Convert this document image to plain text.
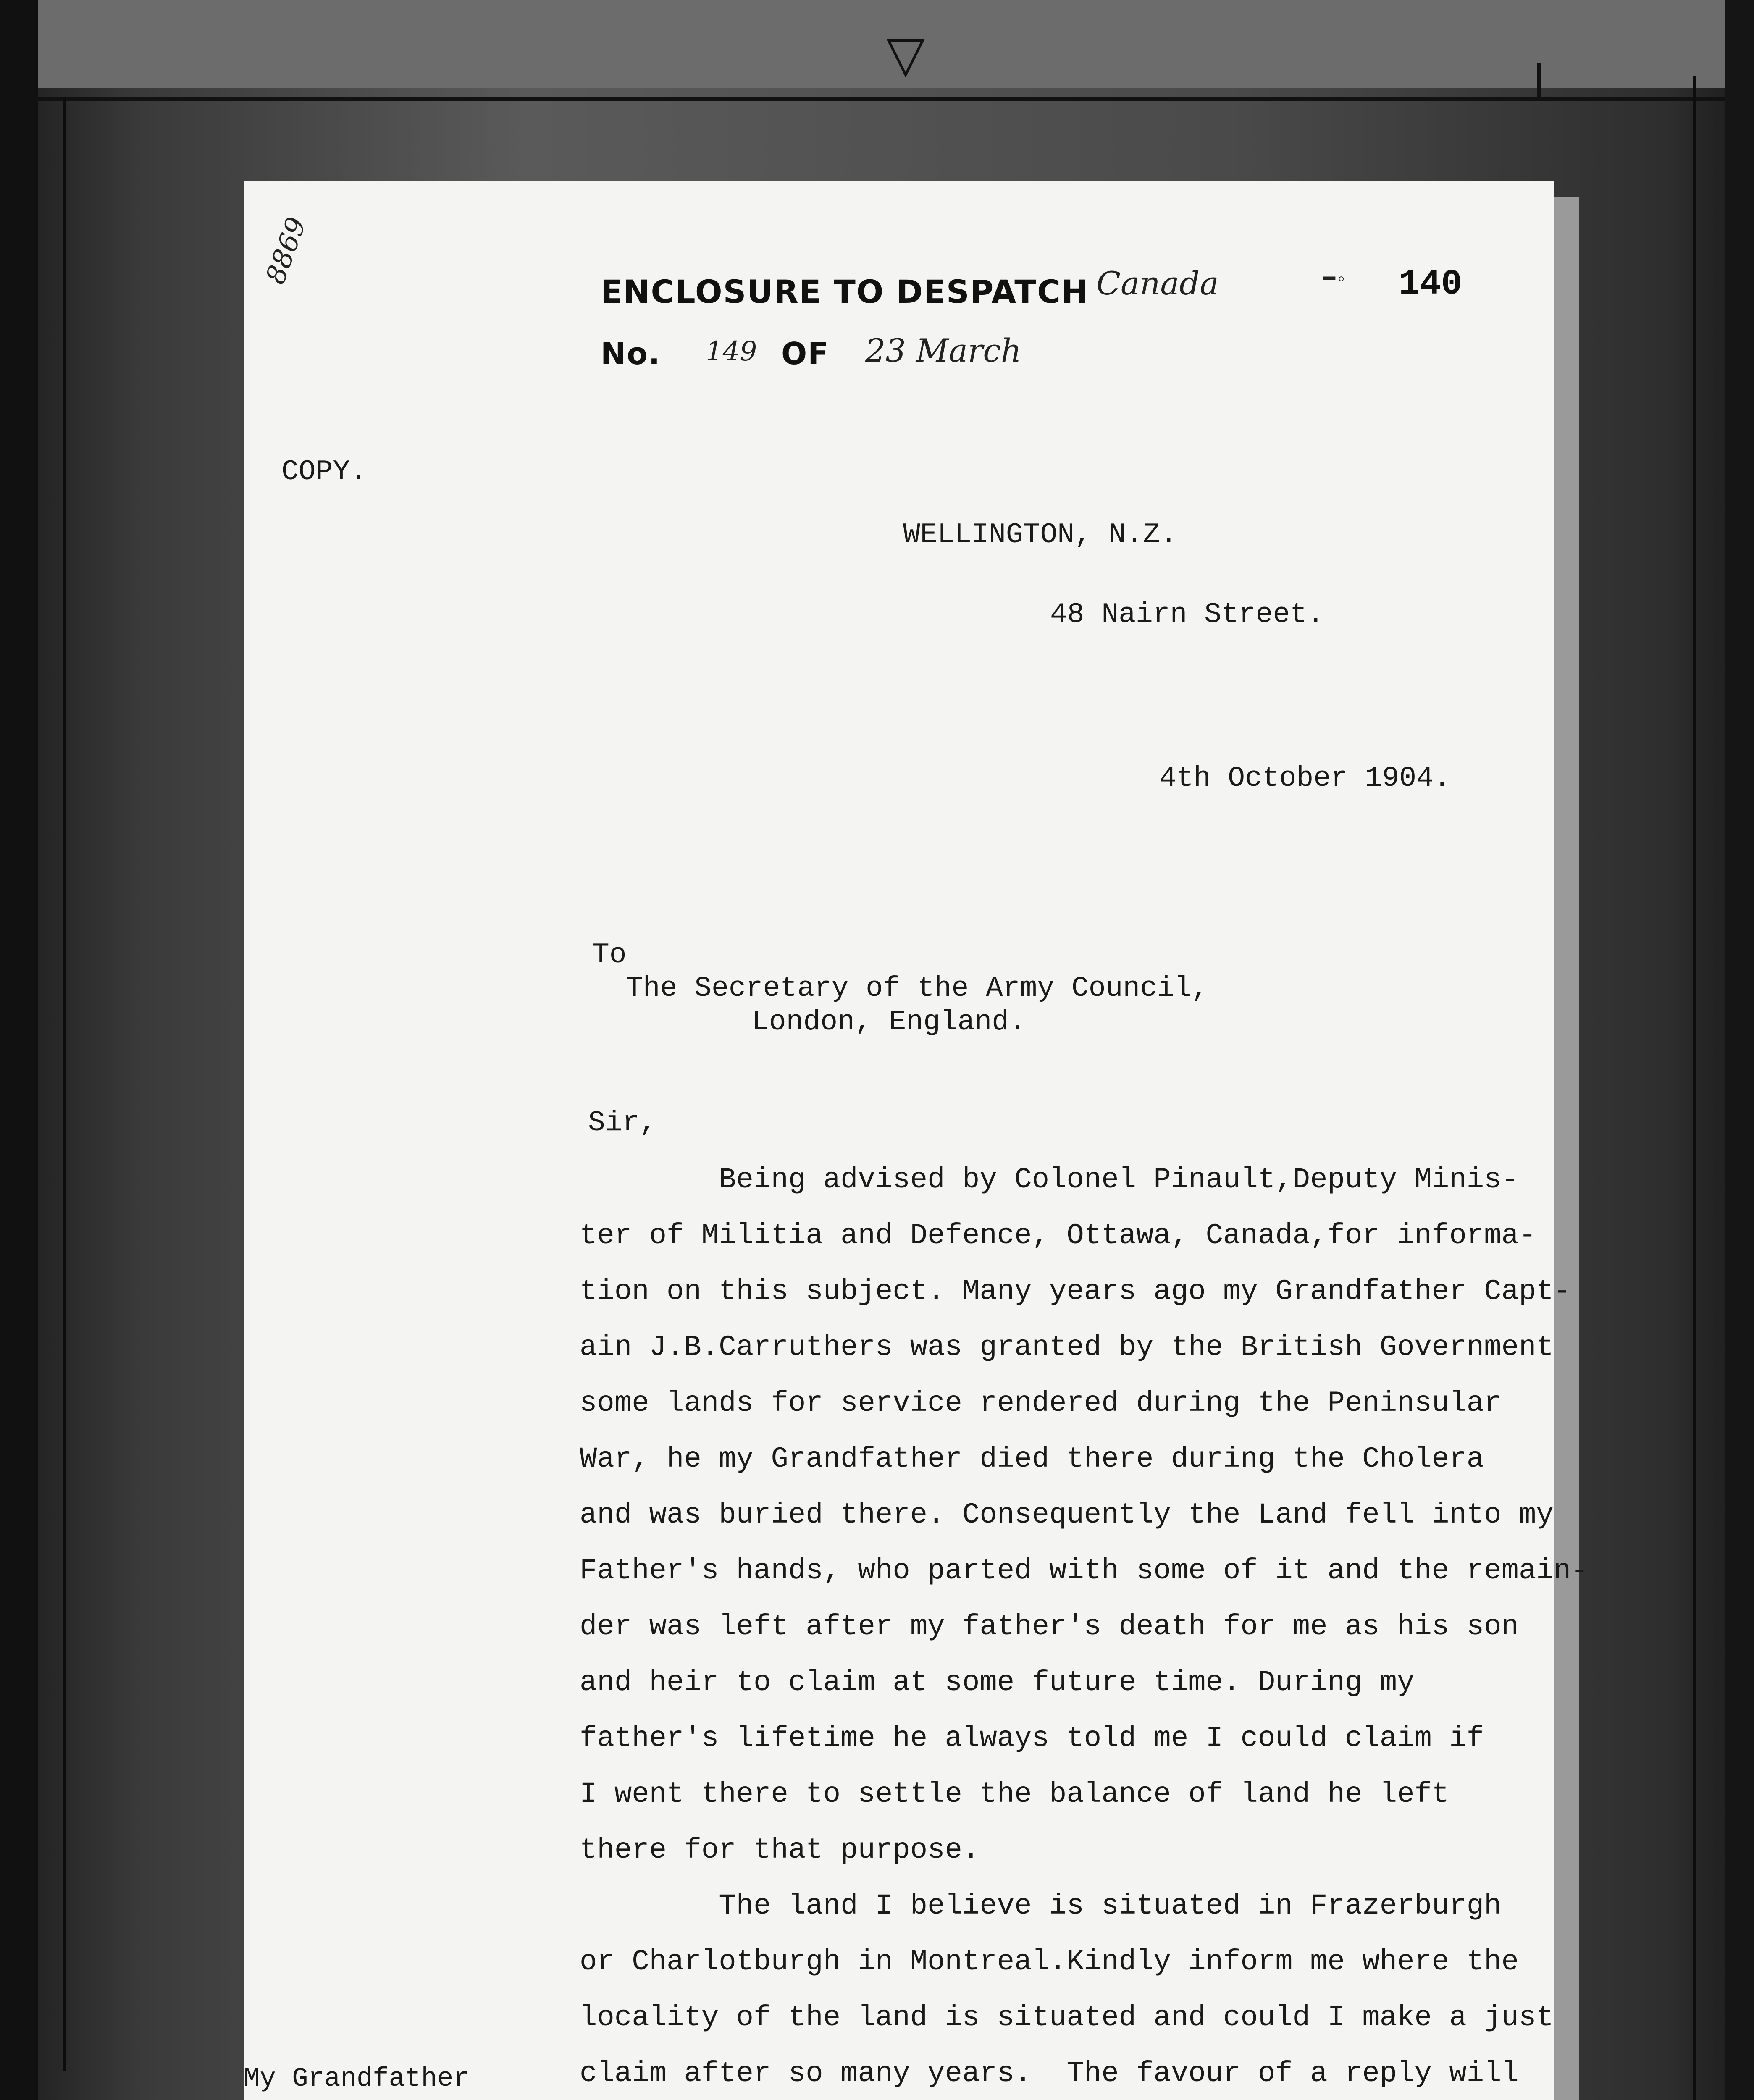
▽
8869
ENCLOSURE TO DESPATCH Canada	━◦ 140
No. 149 OF 23 March
COPY.
WELLINGTON, N.Z.
48 Nairn Street.
4th October 1904.
To
The Secretary of the Army Council,
London, England.
Sir,
Being advised by Colonel Pinault,Deputy Minis-
ter of Militia and Defence, Ottawa, Canada,for informa-
tion on this subject. Many years ago my Grandfather Capt-
ain J.B.Carruthers was granted by the British Government
some lands for service rendered during the Peninsular
War, he my Grandfather died there during the Cholera
and was buried there. Consequently the Land fell into my
Father's hands, who parted with some of it and the remain-
der was left after my father's death for me as his son
and heir to claim at some future time. During my
father's lifetime he always told me I could claim if
I went there to settle the balance of land he left
there for that purpose.
The land I believe is situated in Frazerburgh
or Charlotburgh in Montreal.Kindly inform me where the
locality of the land is situated and could I make a just
claim after so many years.  The favour of a reply will

My Grandfather
